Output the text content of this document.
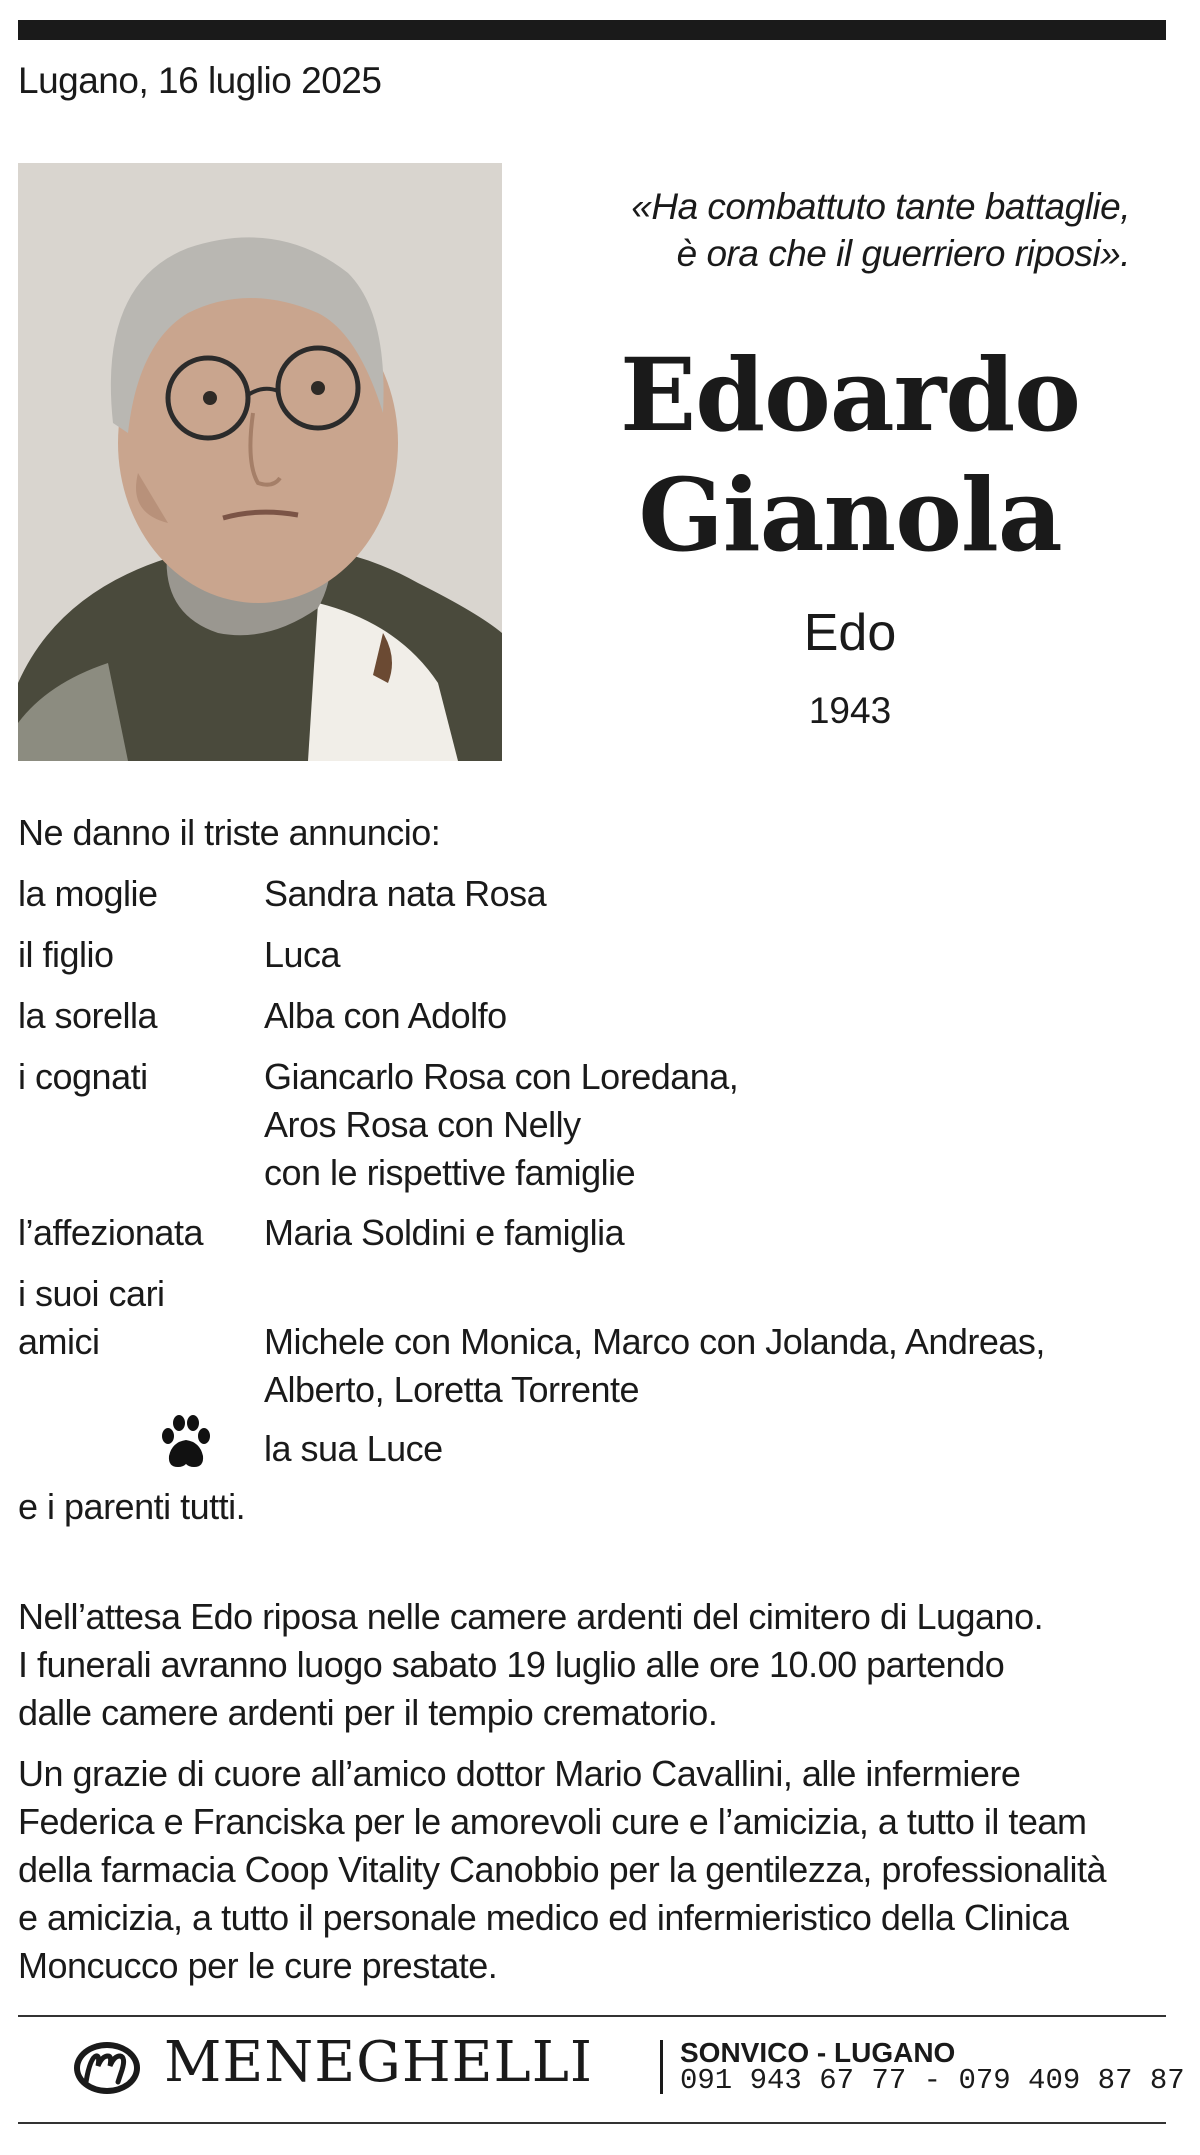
Lugano, 16 luglio 2025
«Ha combattuto tante battaglie,
è ora che il guerriero riposi».
Edoardo
Gianola
Edo
1943
Ne danno il triste annuncio:
la moglie	Sandra nata Rosa
il figlio	Luca
la sorella	Alba con Adolfo
i cognati	Giancarlo Rosa con Loredana,
Aros Rosa con Nelly
con le rispettive famiglie
l’affezionata Maria Soldini e famiglia
i suoi cari
amici	Michele con Monica, Marco con Jolanda, Andreas,
Alberto, Loretta Torrente
la sua Luce
e i parenti tutti.
Nell’attesa Edo riposa nelle camere ardenti del cimitero di Lugano.
I funerali avranno luogo sabato 19 luglio alle ore 10.00 partendo
dalle camere ardenti per il tempio crematorio.
Un grazie di cuore all’amico dottor Mario Cavallini, alle infermiere
Federica e Franciska per le amorevoli cure e l’amicizia, a tutto il team
della farmacia Coop Vitality Canobbio per la gentilezza, professionalità
e amicizia, a tutto il personale medico ed infermieristico della Clinica
Moncucco per le cure prestate.
MENEGHELLI	SONVICO - LUGANO
091 943 67 77 - 079 409 87 87
